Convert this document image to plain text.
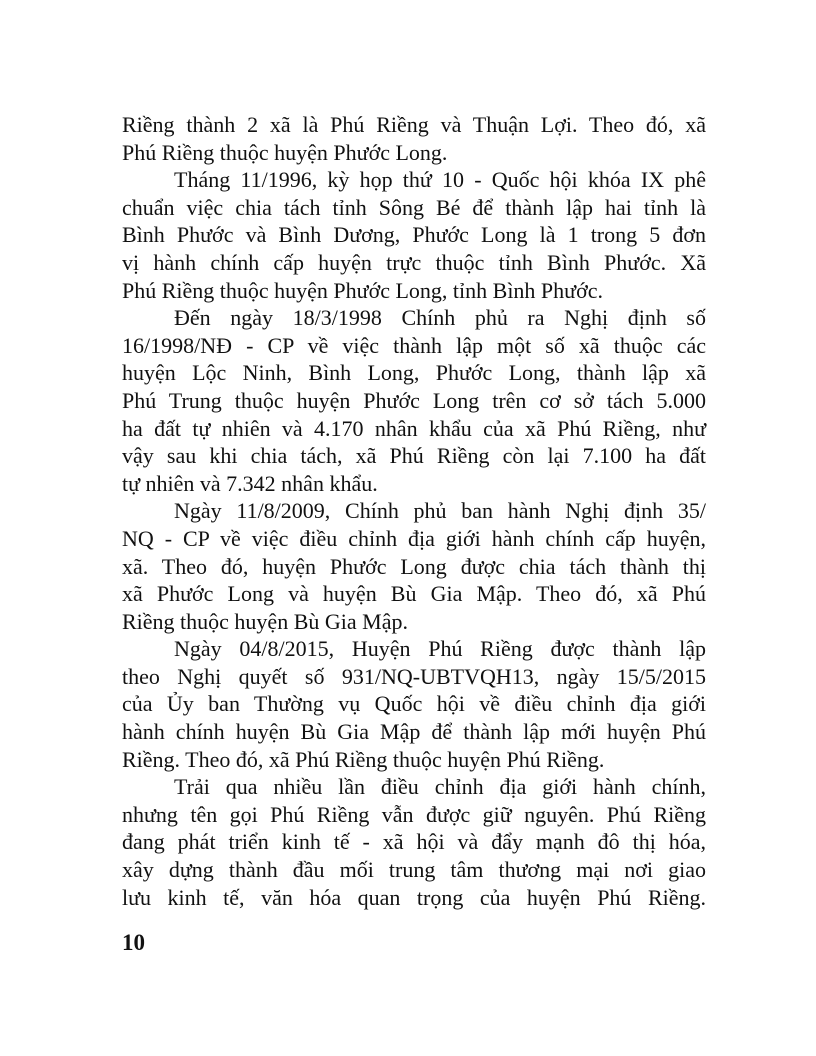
Riềng thành 2 xã là Phú Riềng và Thuận Lợi. Theo đó, xã
Phú Riềng thuộc huyện Phước Long.
Tháng 11/1996, kỳ họp thứ 10 - Quốc hội khóa IX phê
chuẩn việc chia tách tỉnh Sông Bé để thành lập hai tỉnh là
Bình Phước và Bình Dương, Phước Long là 1 trong 5 đơn
vị hành chính cấp huyện trực thuộc tỉnh Bình Phước. Xã
Phú Riềng thuộc huyện Phước Long, tỉnh Bình Phước.
Đến ngày 18/3/1998 Chính phủ ra Nghị định số
16/1998/NĐ - CP về việc thành lập một số xã thuộc các
huyện Lộc Ninh, Bình Long, Phước Long, thành lập xã
Phú Trung thuộc huyện Phước Long trên cơ sở tách 5.000
ha đất tự nhiên và 4.170 nhân khẩu của xã Phú Riềng, như
vậy sau khi chia tách, xã Phú Riềng còn lại 7.100 ha đất
tự nhiên và 7.342 nhân khẩu.
Ngày 11/8/2009, Chính phủ ban hành Nghị định 35/
NQ - CP về việc điều chỉnh địa giới hành chính cấp huyện,
xã. Theo đó, huyện Phước Long được chia tách thành thị
xã Phước Long và huyện Bù Gia Mập. Theo đó, xã Phú
Riềng thuộc huyện Bù Gia Mập.
Ngày 04/8/2015, Huyện Phú Riềng được thành lập
theo Nghị quyết số 931/NQ-UBTVQH13, ngày 15/5/2015
của Ủy ban Thường vụ Quốc hội về điều chỉnh địa giới
hành chính huyện Bù Gia Mập để thành lập mới huyện Phú
Riềng. Theo đó, xã Phú Riềng thuộc huyện Phú Riềng.
Trải qua nhiều lần điều chỉnh địa giới hành chính,
nhưng tên gọi Phú Riềng vẫn được giữ nguyên. Phú Riềng
đang phát triển kinh tế - xã hội và đẩy mạnh đô thị hóa,
xây dựng thành đầu mối trung tâm thương mại nơi giao
lưu kinh tế, văn hóa quan trọng của huyện Phú Riềng.
10
